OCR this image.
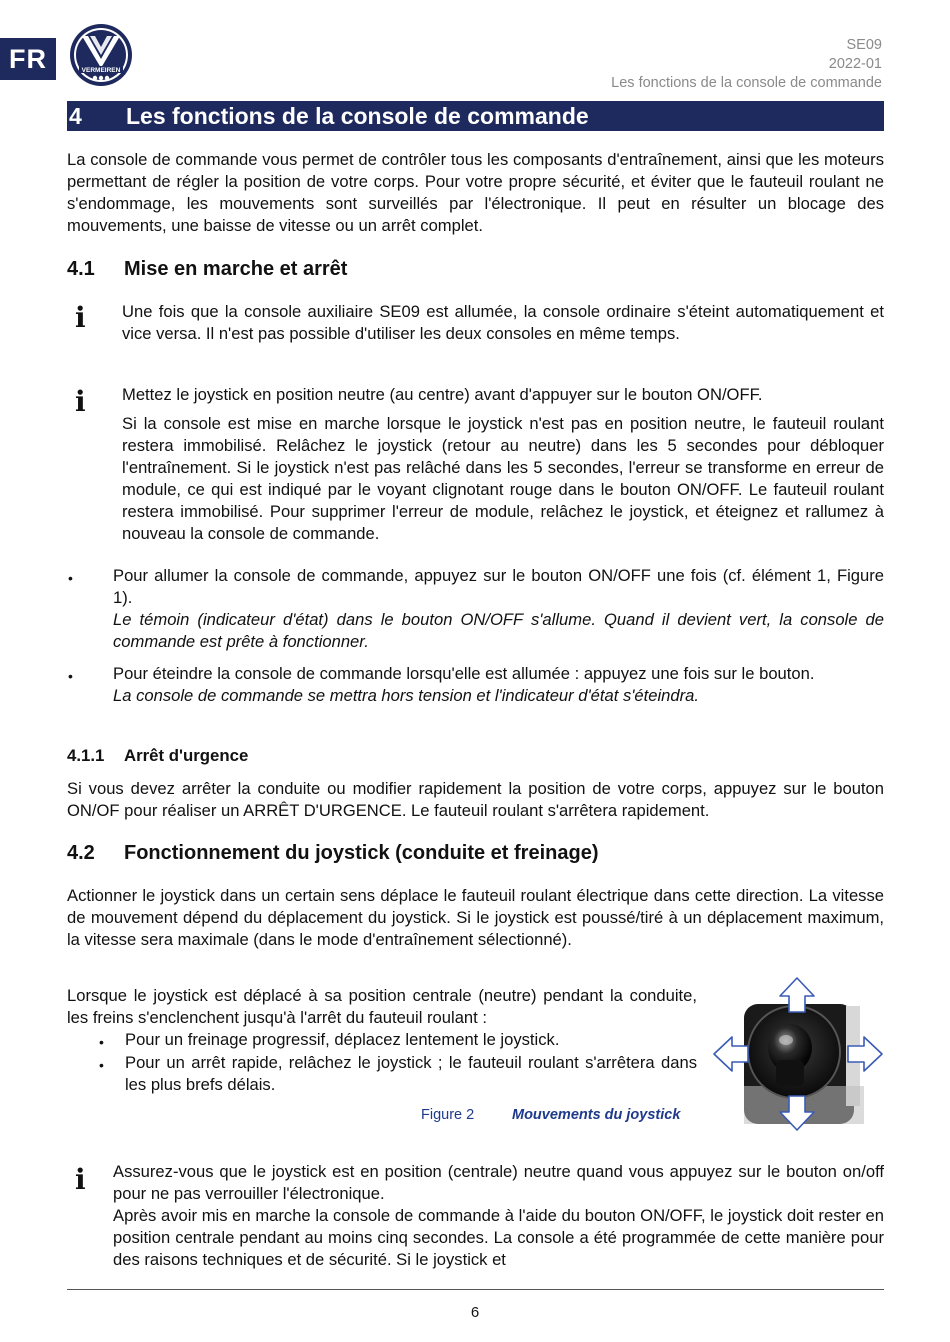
FR	VERMEIREN
SE09
2022-01
Les fonctions de la console de commande
4	Les fonctions de la console de commande

La console de commande vous permet de contrôler tous les composants d'entraînement, ainsi que les moteurs permettant de régler la position de votre corps. Pour votre propre sécurité, et éviter que le fauteuil roulant ne s'endommage, les mouvements sont surveillés par l'électronique. Il peut en résulter un blocage des mouvements, une baisse de vitesse ou un arrêt complet.

4.1	Mise en marche et arrêt
i Une fois que la console auxiliaire SE09 est allumée, la console ordinaire s'éteint automatiquement et vice versa. Il n'est pas possible d'utiliser les deux consoles en même temps.

i Mettez le joystick en position neutre (au centre) avant d'appuyer sur le bouton ON/OFF.

Si la console est mise en marche lorsque le joystick n'est pas en position neutre, le fauteuil roulant restera immobilisé. Relâchez le joystick (retour au neutre) dans les 5 secondes pour débloquer l'entraînement. Si le joystick n'est pas relâché dans les 5 secondes, l'erreur se transforme en erreur de module, ce qui est indiqué par le voyant clignotant rouge dans le bouton ON/OFF. Le fauteuil roulant restera immobilisé. Pour supprimer l'erreur de module, relâchez le joystick, et éteignez et rallumez à nouveau la console de commande.

• Pour allumer la console de commande, appuyez sur le bouton ON/OFF une fois (cf. élément 1, Figure 1).
Le témoin (indicateur d'état) dans le bouton ON/OFF s'allume. Quand il devient vert, la console de commande est prête à fonctionner.
• Pour éteindre la console de commande lorsqu'elle est allumée : appuyez une fois sur le bouton.
La console de commande se mettra hors tension et l'indicateur d'état s'éteindra.
4.1.1	Arrêt d'urgence

Si vous devez arrêter la conduite ou modifier rapidement la position de votre corps, appuyez sur le bouton ON/OF pour réaliser un ARRÊT D'URGENCE. Le fauteuil roulant s'arrêtera rapidement.

4.2	Fonctionnement du joystick (conduite et freinage)

Actionner le joystick dans un certain sens déplace le fauteuil roulant électrique dans cette direction. La vitesse de mouvement dépend du déplacement du joystick. Si le joystick est poussé/tiré à un déplacement maximum, la vitesse sera maximale (dans le mode d'entraînement sélectionné).

Lorsque le joystick est déplacé à sa position centrale (neutre) pendant la conduite, les freins s'enclenchent jusqu'à l'arrêt du fauteuil roulant :

• Pour un freinage progressif, déplacez lentement le joystick.

• Pour un arrêt rapide, relâchez le joystick ; le fauteuil roulant s'arrêtera dans les plus brefs délais.

Figure 2	Mouvements du joystick
i Assurez-vous que le joystick est en position (centrale) neutre quand vous appuyez sur le bouton on/off pour ne pas verrouiller l'électronique.
Après avoir mis en marche la console de commande à l'aide du bouton ON/OFF, le joystick doit rester en position centrale pendant au moins cinq secondes. La console a été programmée de cette manière pour des raisons techniques et de sécurité. Si le joystick et
6
